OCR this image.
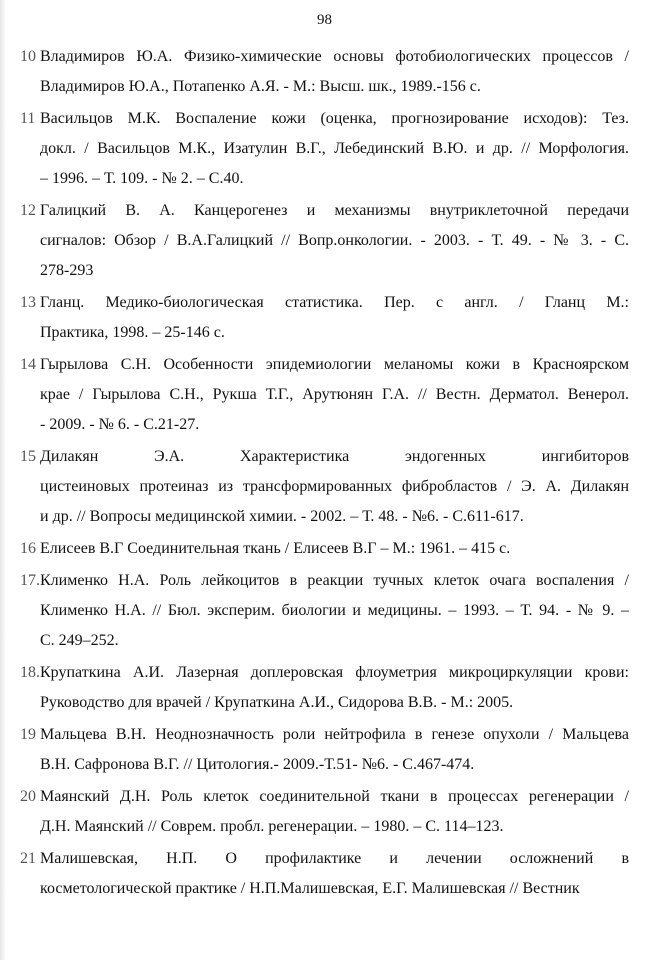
98
10 Владимиров Ю.А. Физико-химические основы фотобиологических процессов /
Владимиров Ю.А., Потапенко А.Я. - М.: Высш. шк., 1989.-156 с.
11 Васильцов М.К. Воспаление кожи (оценка, прогнозирование исходов): Тез.
докл. / Васильцов М.К., Изатулин В.Г., Лебединский В.Ю. и др. // Морфология.
– 1996. – Т. 109. - № 2. – С.40.
12 Галицкий В. А. Канцерогенез и механизмы внутриклеточной передачи
сигналов: Обзор / В.А.Галицкий // Вопр.онкологии. - 2003. - Т. 49. - № 3. - С.
278-293
13 Гланц. Медико-биологическая статистика. Пер. с англ. / Гланц М.:
Практика, 1998. – 25-146 с.
14 Гырылова С.Н. Особенности эпидемиологии меланомы кожи в Красноярском
крае / Гырылова С.Н., Рукша Т.Г., Арутюнян Г.А. // Вестн. Дерматол. Венерол.
- 2009. - № 6. - С.21-27.
15 Дилакян Э.А. Характеристика эндогенных ингибиторов
цистеиновых протеиназ из трансформированных фибробластов / Э. А. Дилакян
и др. // Вопросы медицинской химии. - 2002. – Т. 48. - №6. - С.611-617.
16 Елисеев В.Г Соединительная ткань / Елисеев В.Г – М.: 1961. – 415 с.
17. Клименко Н.А. Роль лейкоцитов в реакции тучных клеток очага воспаления /
Клименко Н.А. // Бюл. эксперим. биологии и медицины. – 1993. – Т. 94. - № 9. –
С. 249–252.
18. Крупаткина А.И. Лазерная доплеровская флоуметрия микроциркуляции крови:
Руководство для врачей / Крупаткина А.И., Сидорова В.В. - М.: 2005.
19 Мальцева В.Н. Неоднозначность роли нейтрофила в генезе опухоли / Мальцева
В.Н. Сафронова В.Г. // Цитология.- 2009.-Т.51- №6. - С.467-474.
20 Маянский Д.Н. Роль клеток соединительной ткани в процессах регенерации /
Д.Н. Маянский // Соврем. пробл. регенерации. – 1980. – С. 114–123.
21 Малишевская, Н.П. О профилактике и лечении осложнений в
косметологической практике / Н.П.Малишевская, Е.Г. Малишевская // Вестник
